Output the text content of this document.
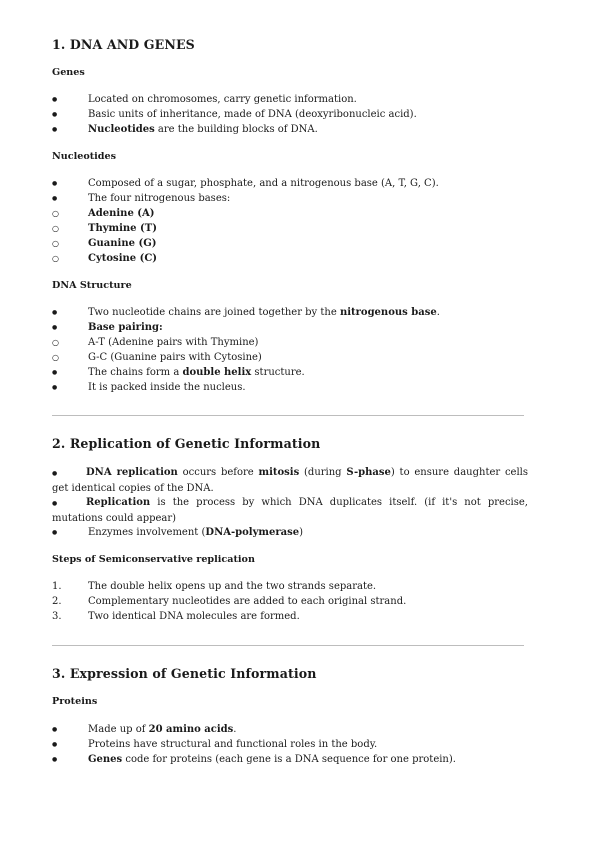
1. DNA AND GENES
Genes
●	Located on chromosomes, carry genetic information.
●	Basic units of inheritance, made of DNA (deoxyribonucleic acid).
●	Nucleotides are the building blocks of DNA.
Nucleotides
●	Composed of a sugar, phosphate, and a nitrogenous base (A, T, G, C).
●	The four nitrogenous bases:
○	Adenine (A)
○	Thymine (T)
○	Guanine (G)
○	Cytosine (C)
DNA Structure
●	Two nucleotide chains are joined together by the nitrogenous base.
●	Base pairing:
○	A-T (Adenine pairs with Thymine)
○	G-C (Guanine pairs with Cytosine)
●	The chains form a double helix structure.
●	It is packed inside the nucleus.
2. Replication of Genetic Information
●	DNA replication occurs before mitosis (during S-phase) to ensure daughter cells get identical copies of the DNA.
●	Replication is the process by which DNA duplicates itself. (if it's not precise, mutations could appear)
●	Enzymes involvement (DNA-polymerase)
Steps of Semiconservative replication
1.	The double helix opens up and the two strands separate.
2.	Complementary nucleotides are added to each original strand.
3.	Two identical DNA molecules are formed.
3. Expression of Genetic Information
Proteins
●	Made up of 20 amino acids.
●	Proteins have structural and functional roles in the body.
●	Genes code for proteins (each gene is a DNA sequence for one protein).
